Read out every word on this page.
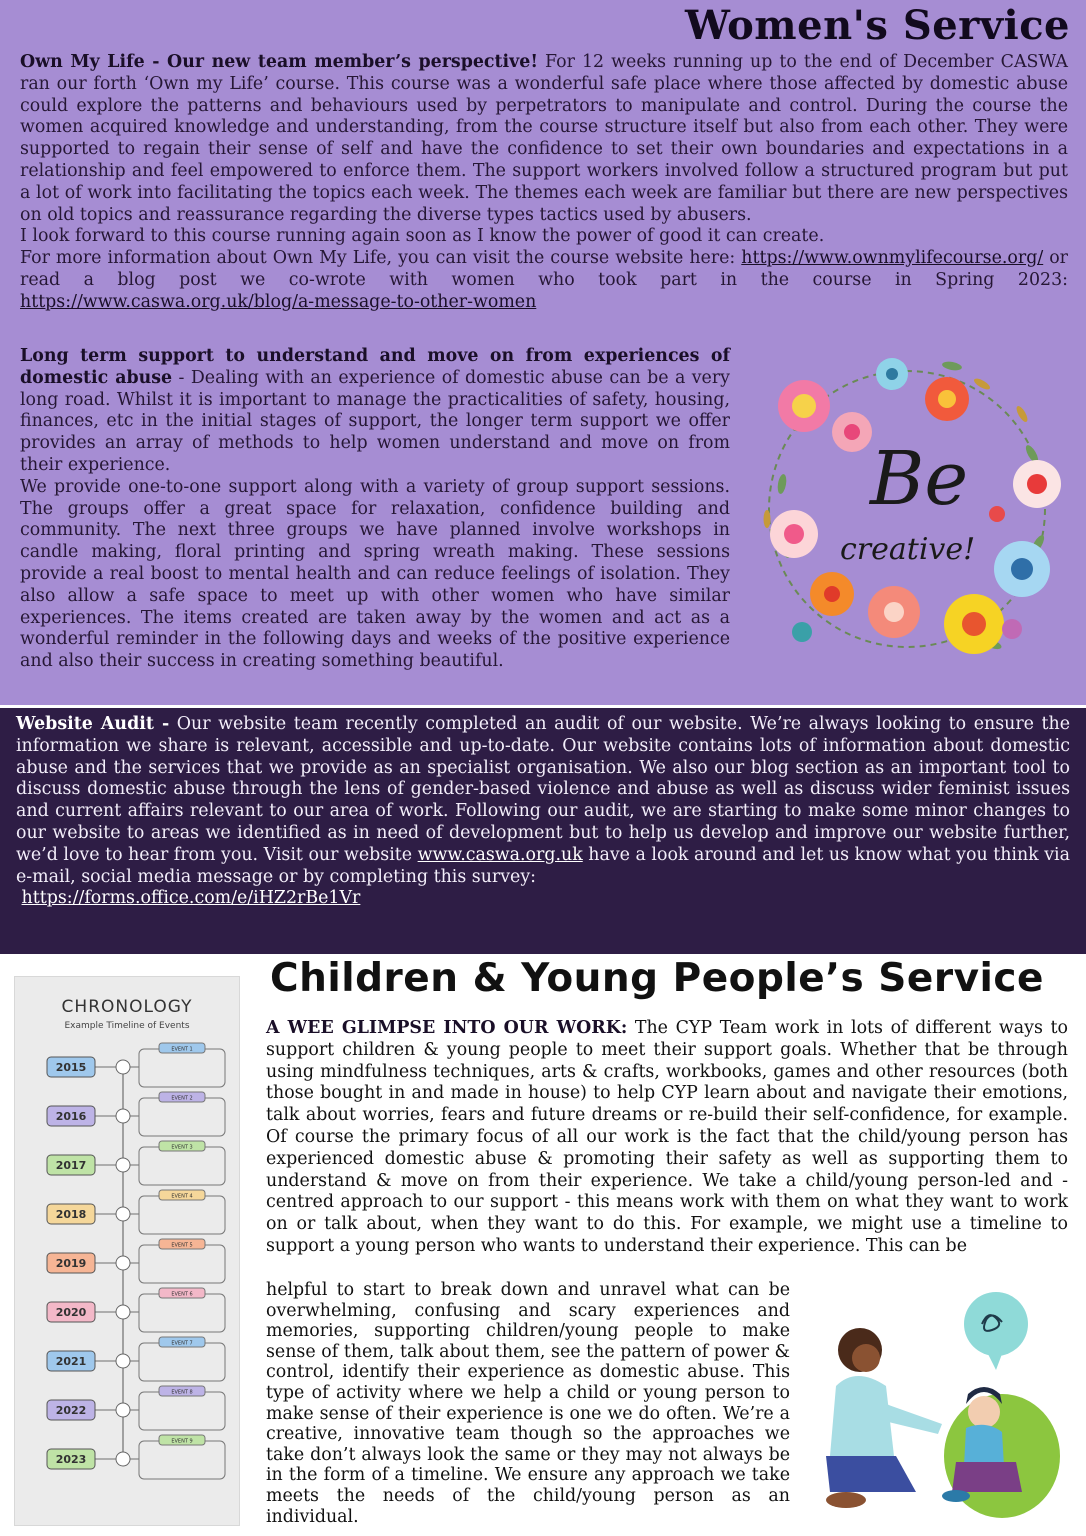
Women's Service

Own My Life - Our new team member’s perspective! For 12 weeks running up to the end of December CASWA ran our forth ‘Own my Life’ course. This course was a wonderful safe place where those affected by domestic abuse could explore the patterns and behaviours used by perpetrators to manipulate and control. During the course the women acquired knowledge and understanding, from the course structure itself but also from each other. They were supported to regain their sense of self and have the confidence to set their own boundaries and expectations in a relationship and feel empowered to enforce them. The support workers involved follow a structured program but put a lot of work into facilitating the topics each week. The themes each week are familiar but there are new perspectives on old topics and reassurance regarding the diverse types tactics used by abusers.
I look forward to this course running again soon as I know the power of good it can create.
For more information about Own My Life, you can visit the course website here: https://www.ownmylifecourse.org/ or read a blog post we co-wrote with women who took part in the course in Spring 2023: https://www.caswa.org.uk/blog/a-message-to-other-women

Long term support to understand and move on from experiences of domestic abuse - Dealing with an experience of domestic abuse can be a very long road. Whilst it is important to manage the practicalities of safety, housing, finances, etc in the initial stages of support, the longer term support we offer provides an array of methods to help women understand and move on from their experience.
We provide one-to-one support along with a variety of group support sessions. The groups offer a great space for relaxation, confidence building and community. The next three groups we have planned involve workshops in candle making, floral printing and spring wreath making. These sessions provide a real boost to mental health and can reduce feelings of isolation. They also allow a safe space to meet up with other women who have similar experiences. The items created are taken away by the women and act as a wonderful reminder in the following days and weeks of the positive experience and also their success in creating something beautiful.

Be
creative!

Website Audit - Our website team recently completed an audit of our website. We’re always looking to ensure the information we share is relevant, accessible and up-to-date. Our website contains lots of information about domestic abuse and the services that we provide as an specialist organisation. We also our blog section as an important tool to discuss domestic abuse through the lens of gender-based violence and abuse as well as discuss wider feminist issues and current affairs relevant to our area of work. Following our audit, we are starting to make some minor changes to our website to areas we identified as in need of development but to help us develop and improve our website further, we’d love to hear from you. Visit our website www.caswa.org.uk have a look around and let us know what you think via e-mail, social media message or by completing this survey:
https://forms.office.com/e/iHZ2rBe1Vr

CHRONOLOGY
Example Timeline of Events
2015
EVENT 1
2016
EVENT 2
2017
EVENT 3
2018
EVENT 4
2019
EVENT 5
2020
EVENT 6
2021
EVENT 7
2022
EVENT 8
2023
EVENT 9
Children & Young People’s Service

A WEE GLIMPSE INTO OUR WORK: The CYP Team work in lots of different ways to support children & young people to meet their support goals. Whether that be through using mindfulness techniques, arts & crafts, workbooks, games and other resources (both those bought in and made in house) to help CYP learn about and navigate their emotions, talk about worries, fears and future dreams or re-build their self-confidence, for example. Of course the primary focus of all our work is the fact that the child/young person has experienced domestic abuse & promoting their safety as well as supporting them to understand & move on from their experience. We take a child/young person-led and -centred approach to our support - this means work with them on what they want to work on or talk about, when they want to do this. For example, we might use a timeline to support a young person who wants to understand their experience. This can be

helpful to start to break down and unravel what can be overwhelming, confusing and scary experiences and memories, supporting children/young people to make sense of them, talk about them, see the pattern of power & control, identify their experience as domestic abuse. This type of activity where we help a child or young person to make sense of their experience is one we do often. We’re a creative, innovative team though so the approaches we take don’t always look the same or they may not always be in the form of a timeline. We ensure any approach we take meets the needs of the child/young person as an individual.
